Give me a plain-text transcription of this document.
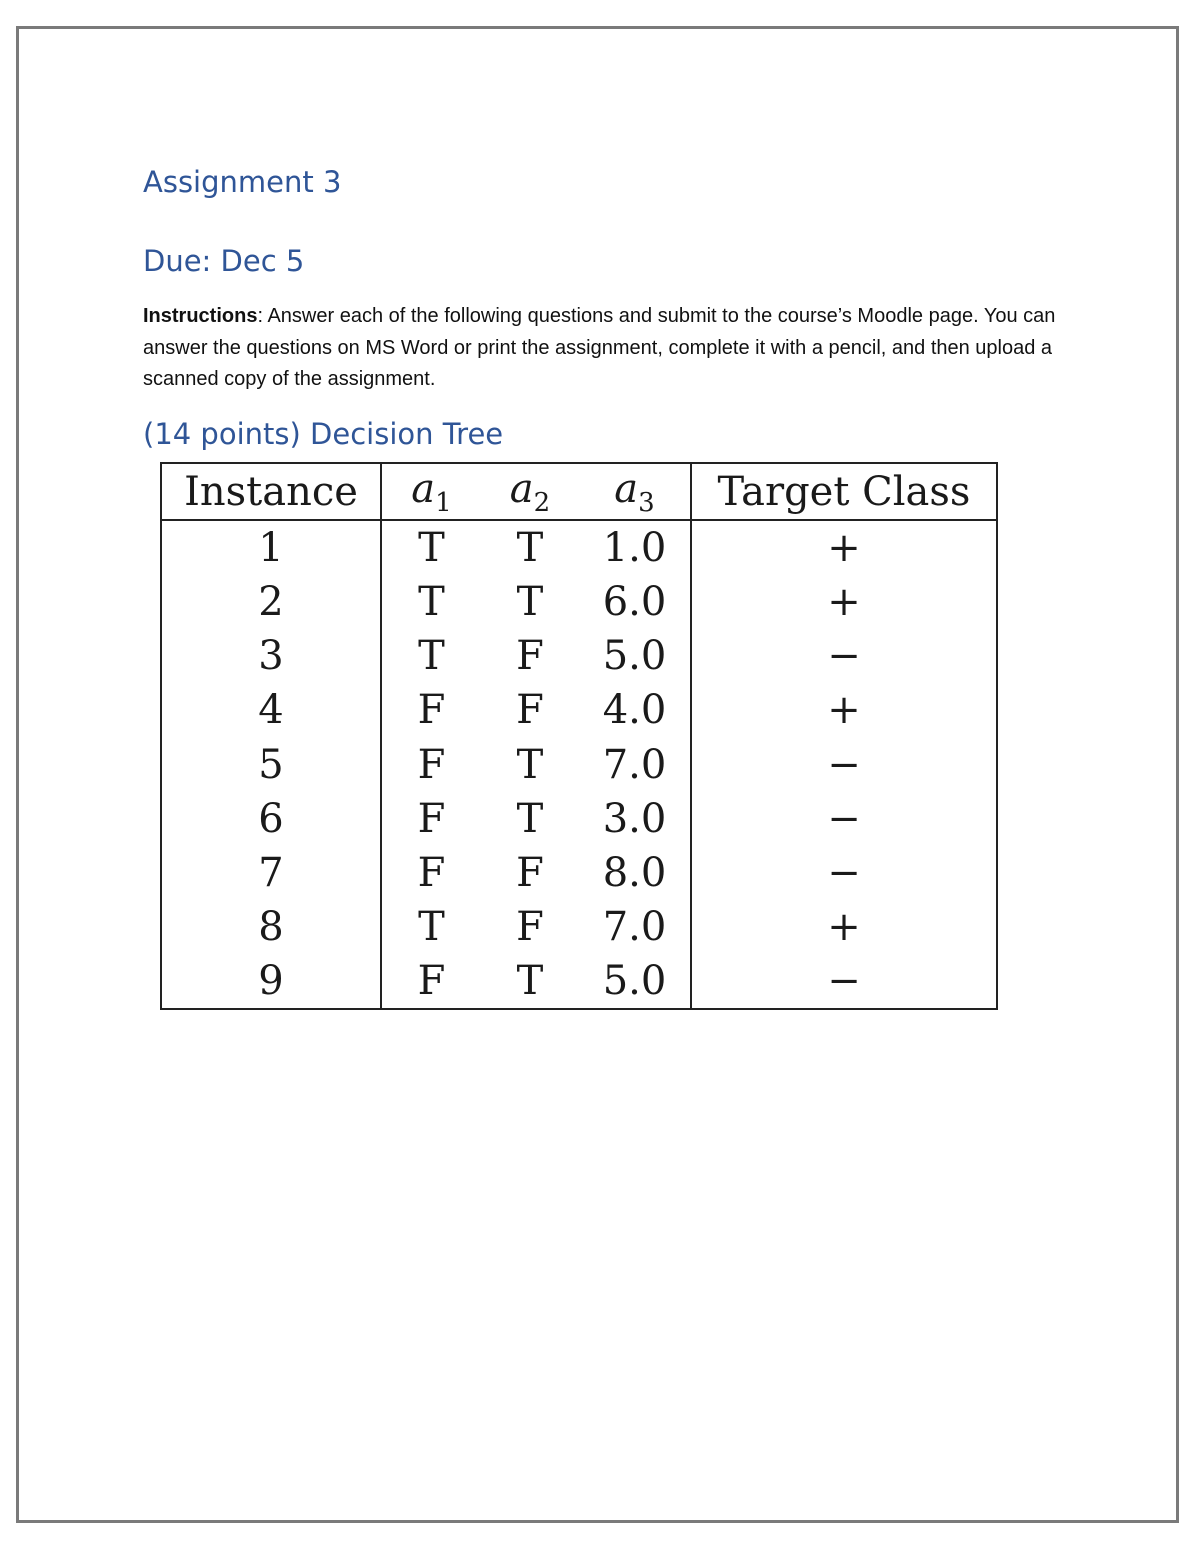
Assignment 3
Due: Dec 5

Instructions: Answer each of the following questions and submit to the course’s Moodle page. You can answer the questions on MS Word or print the assignment, complete it with a pencil, and then upload a scanned copy of the assignment.

(14 points) Decision Tree
Instance	$a_1$	$a_2$	$a_3$	Target Class
1	T	T	1.0	+
2	T	T	6.0	+
3	T	F	5.0	−
4	F	F	4.0	+
5	F	T	7.0	−
6	F	T	3.0	−
7	F	F	8.0	−
8	T	F	7.0	+
9	F	T	5.0	−
